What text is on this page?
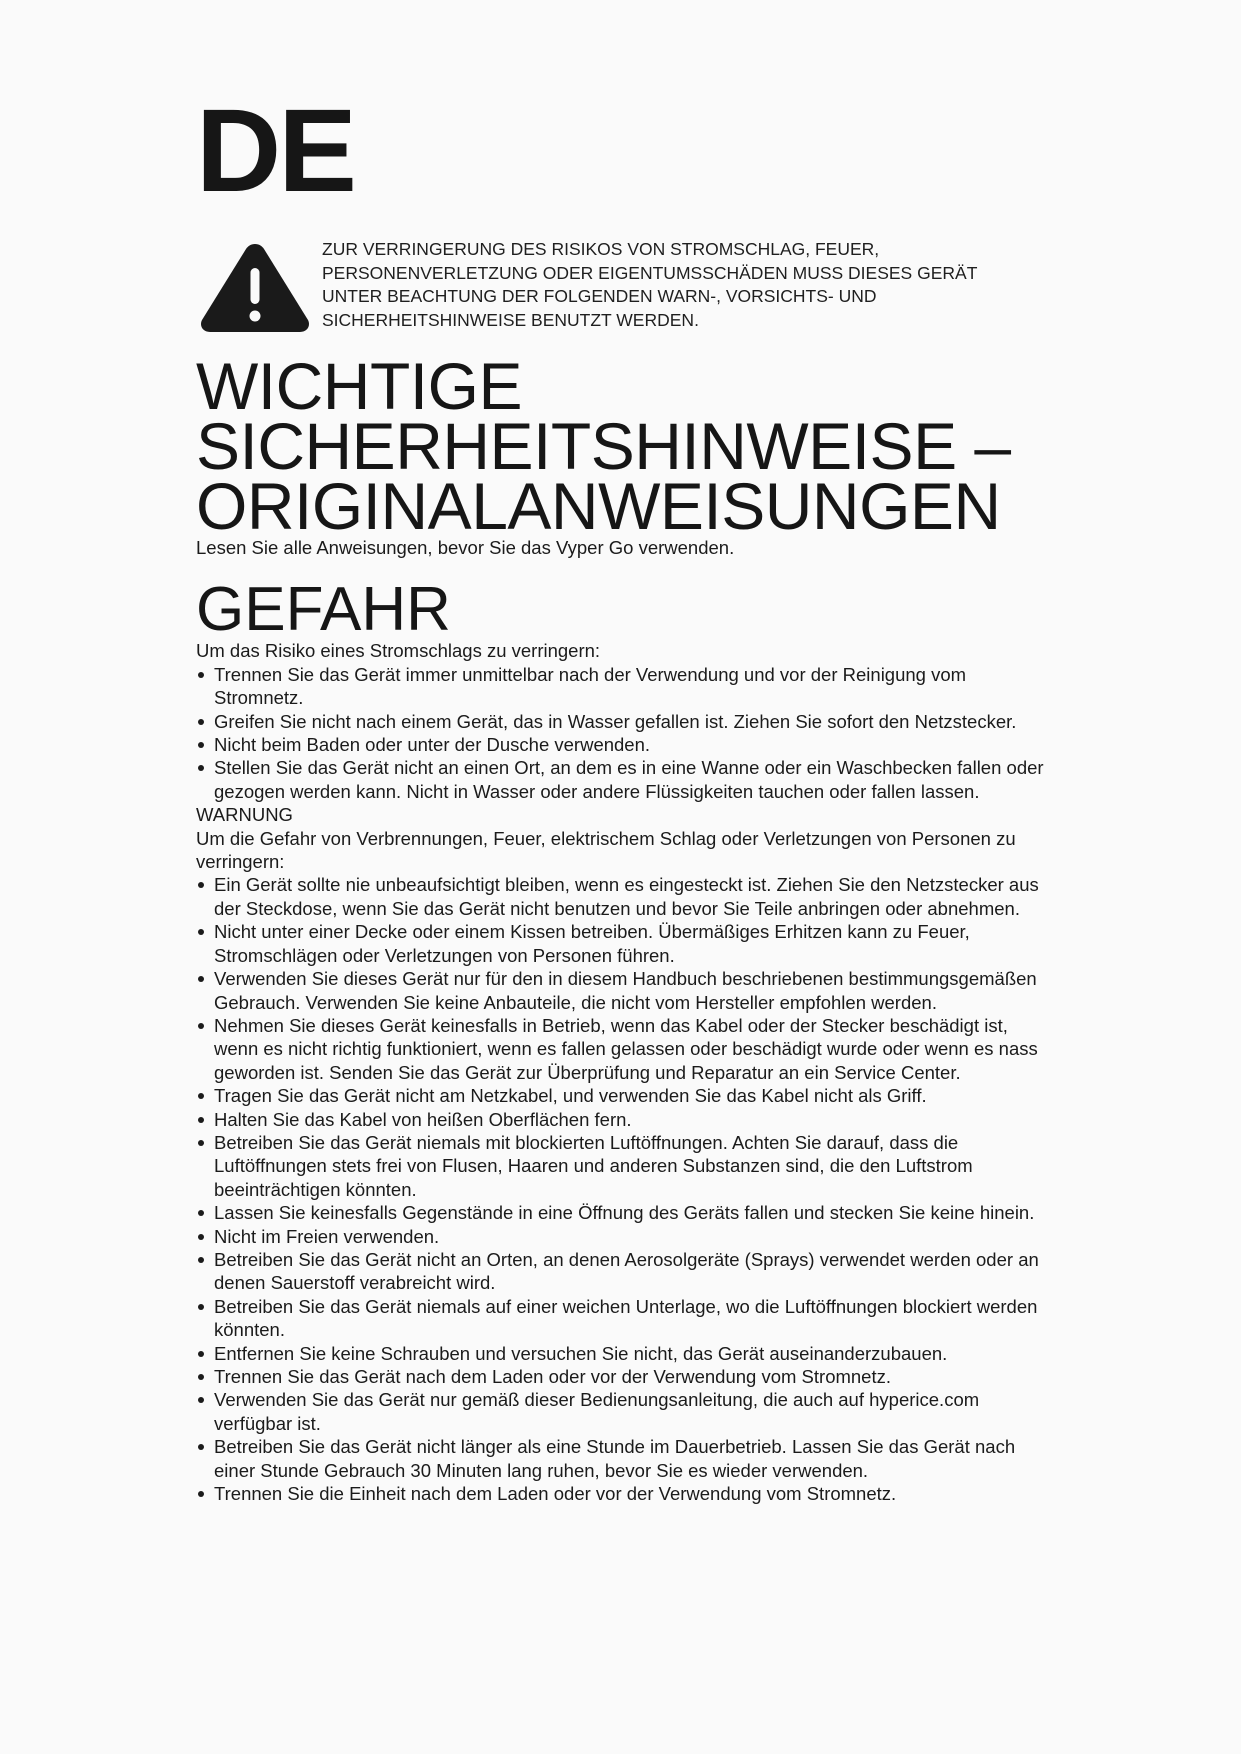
DE
ZUR VERRINGERUNG DES RISIKOS VON STROMSCHLAG, FEUER, PERSONENVERLETZUNG ODER EIGENTUMSSCHÄDEN MUSS DIESES GERÄT UNTER BEACHTUNG DER FOLGENDEN WARN-, VORSICHTS- UND SICHERHEITSHINWEISE BENUTZT WERDEN.
WICHTIGE
SICHERHEITSHINWEISE –
ORIGINALANWEISUNGEN

Lesen Sie alle Anweisungen, bevor Sie das Vyper Go verwenden.

GEFAHR

Um das Risiko eines Stromschlags zu verringern:

Trennen Sie das Gerät immer unmittelbar nach der Verwendung und vor der Reinigung vom Stromnetz.
Greifen Sie nicht nach einem Gerät, das in Wasser gefallen ist. Ziehen Sie sofort den Netzstecker.
Nicht beim Baden oder unter der Dusche verwenden.
Stellen Sie das Gerät nicht an einen Ort, an dem es in eine Wanne oder ein Waschbecken fallen oder gezogen werden kann. Nicht in Wasser oder andere Flüssigkeiten tauchen oder fallen lassen.

WARNUNG

Um die Gefahr von Verbrennungen, Feuer, elektrischem Schlag oder Verletzungen von Personen zu verringern:

Ein Gerät sollte nie unbeaufsichtigt bleiben, wenn es eingesteckt ist. Ziehen Sie den Netzstecker aus der Steckdose, wenn Sie das Gerät nicht benutzen und bevor Sie Teile anbringen oder abnehmen.
Nicht unter einer Decke oder einem Kissen betreiben. Übermäßiges Erhitzen kann zu Feuer, Stromschlägen oder Verletzungen von Personen führen.
Verwenden Sie dieses Gerät nur für den in diesem Handbuch beschriebenen bestimmungsgemäßen Gebrauch. Verwenden Sie keine Anbauteile, die nicht vom Hersteller empfohlen werden.
Nehmen Sie dieses Gerät keinesfalls in Betrieb, wenn das Kabel oder der Stecker beschädigt ist, wenn es nicht richtig funktioniert, wenn es fallen gelassen oder beschädigt wurde oder wenn es nass geworden ist. Senden Sie das Gerät zur Überprüfung und Reparatur an ein Service Center.
Tragen Sie das Gerät nicht am Netzkabel, und verwenden Sie das Kabel nicht als Griff.
Halten Sie das Kabel von heißen Oberflächen fern.
Betreiben Sie das Gerät niemals mit blockierten Luftöffnungen. Achten Sie darauf, dass die Luftöffnungen stets frei von Flusen, Haaren und anderen Substanzen sind, die den Luftstrom beeinträchtigen könnten.
Lassen Sie keinesfalls Gegenstände in eine Öffnung des Geräts fallen und stecken Sie keine hinein.
Nicht im Freien verwenden.
Betreiben Sie das Gerät nicht an Orten, an denen Aerosolgeräte (Sprays) verwendet werden oder an denen Sauerstoff verabreicht wird.
Betreiben Sie das Gerät niemals auf einer weichen Unterlage, wo die Luftöffnungen blockiert werden könnten.
Entfernen Sie keine Schrauben und versuchen Sie nicht, das Gerät auseinanderzubauen.
Trennen Sie das Gerät nach dem Laden oder vor der Verwendung vom Stromnetz.
Verwenden Sie das Gerät nur gemäß dieser Bedienungsanleitung, die auch auf hyperice.com verfügbar ist.
Betreiben Sie das Gerät nicht länger als eine Stunde im Dauerbetrieb. Lassen Sie das Gerät nach einer Stunde Gebrauch 30 Minuten lang ruhen, bevor Sie es wieder verwenden.
Trennen Sie die Einheit nach dem Laden oder vor der Verwendung vom Stromnetz.
